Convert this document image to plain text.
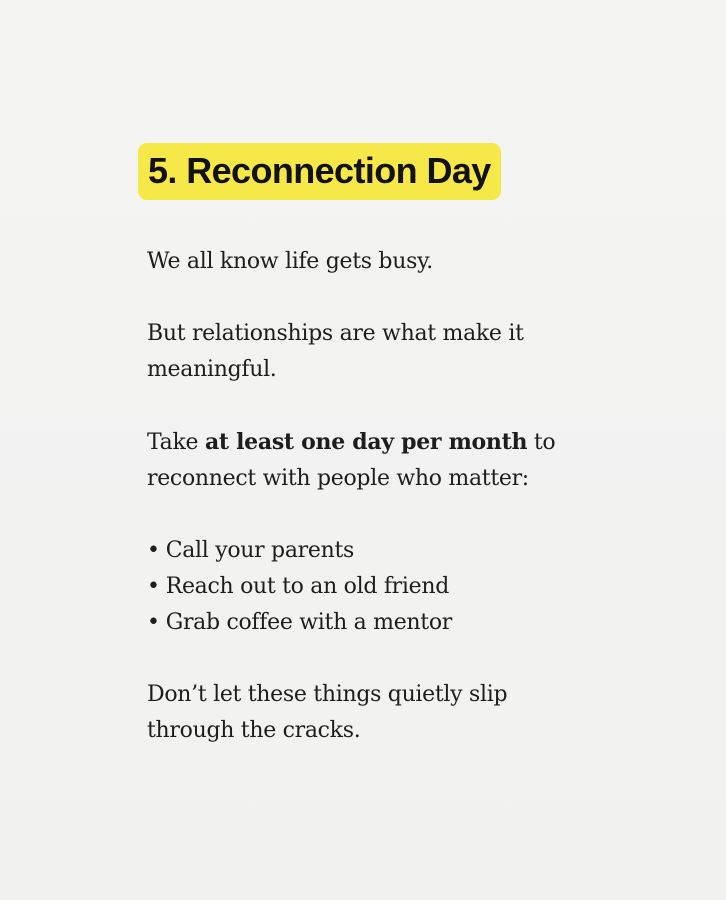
5. Reconnection Day

We all know life gets busy.

But relationships are what make it
meaningful.

Take at least one day per month to
reconnect with people who matter:

• Call your parents
• Reach out to an old friend
• Grab coffee with a mentor

Don’t let these things quietly slip
through the cracks.
